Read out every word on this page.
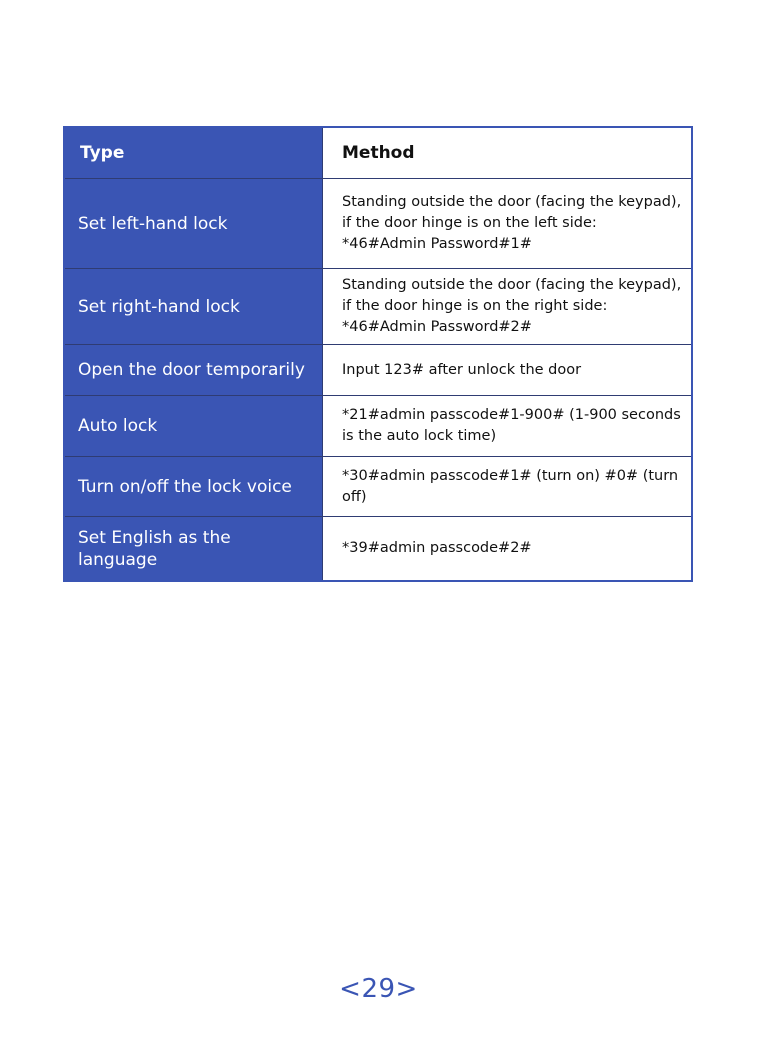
Type	Method
Set left-hand lock
Standing outside the door (facing the keypad), if the door hinge is on the left side: *46#Admin Password#1#
Set right-hand lock
Standing outside the door (facing the keypad), if the door hinge is on the right side: *46#Admin Password#2#
Open the door temporarily	Input 123# after unlock the door
Auto lock
*21#admin passcode#1-900# (1-900 seconds is the auto lock time)
Turn on/off the lock voice
*30#admin passcode#1# (turn on) #0# (turn off)
Set English as the language
*39#admin passcode#2#
<29>
